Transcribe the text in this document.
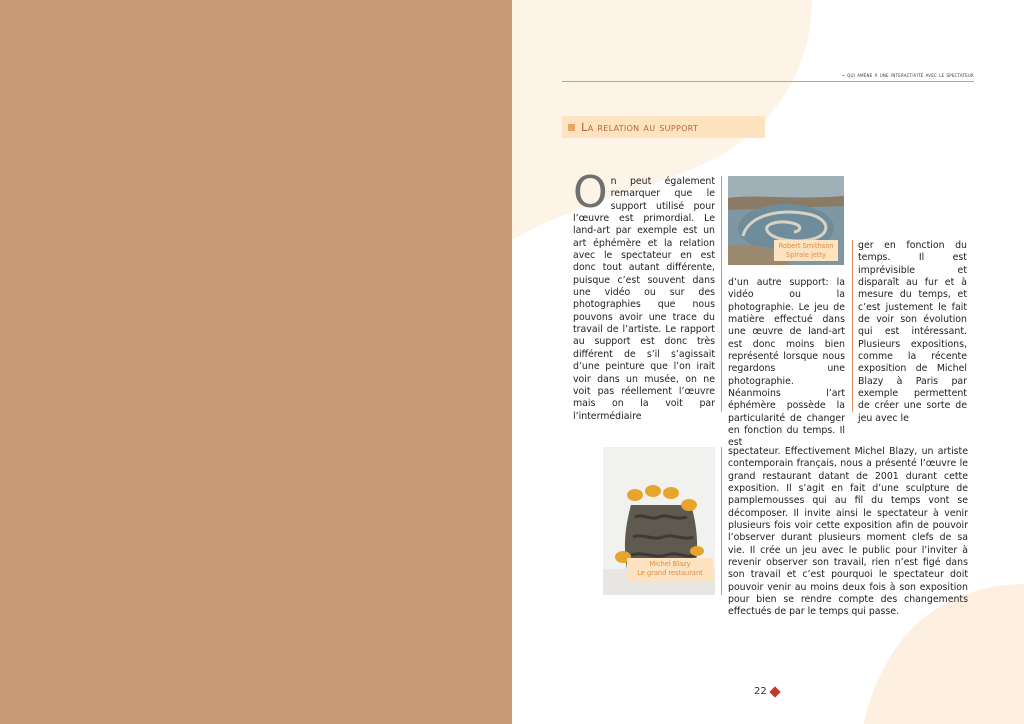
– qui amène à une interactivité avec le spectateur
La relation au support
O n peut également remarquer que le support utilisé pour l’œuvre est primordial. Le land-art par exemple est un art éphémère et la relation avec le spectateur en est donc tout autant différente, puisque c’est souvent dans une vidéo ou sur des photographies que nous pouvons avoir une trace du travail de l’artiste. Le rapport au support est donc très différent de s’il s’agissait d’une peinture que l’on irait voir dans un musée, on ne voit pas réellement l’œuvre mais on la voit par l’intermédiaire
Robert Smithson
Spirale jetty
d’un autre support: la vidéo ou la photographie. Le jeu de matière effectué dans une œuvre de land-art est donc moins bien représenté lorsque nous regardons une photographie. Néanmoins l’art éphémère possède la particularité de changer en fonction du temps. Il est
ger en fonction du temps. Il est imprévisible et disparaît au fur et à mesure du temps, et c’est justement le fait de voir son évolution qui est intéressant. Plusieurs expositions, comme la récente exposition de Michel Blazy à Paris par exemple permettent de créer une sorte de jeu avec le
Michel Blazy
Le grand restaurant
spectateur. Effectivement Michel Blazy, un artiste contemporain français, nous a présenté l’œuvre le grand restaurant datant de 2001 durant cette exposition. Il s’agit en fait d’une sculpture de pamplemousses qui au fil du temps vont se décomposer. Il invite ainsi le spectateur à venir plusieurs fois voir cette exposition afin de pouvoir l’observer durant plusieurs moment clefs de sa vie. Il crée un jeu avec le public pour l’inviter à revenir observer son travail, rien n’est figé dans son travail et c’est pourquoi le spectateur doit pouvoir venir au moins deux fois à son exposition pour bien se rendre compte des changements effectués de par le temps qui passe.
22
